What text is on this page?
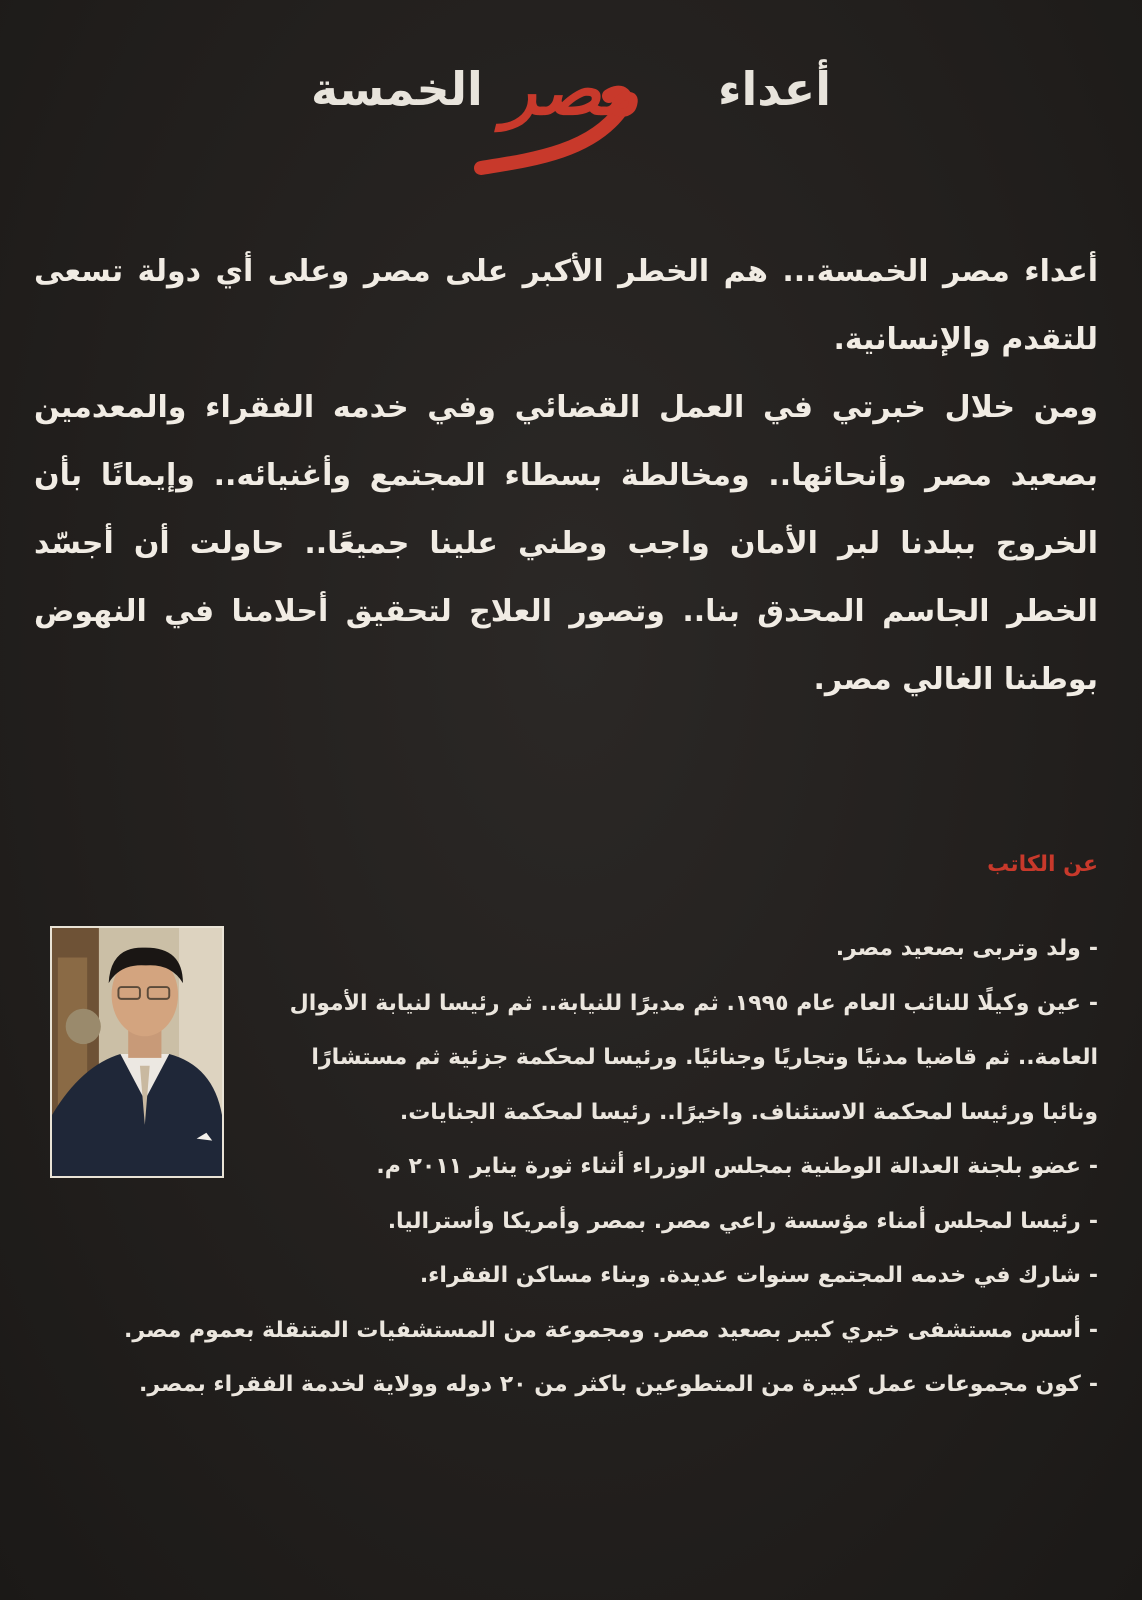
أعداء
مصر
الخمسة

أعداء مصر الخمسة... هم الخطر الأكبر على مصر وعلى أي دولة تسعى للتقدم والإنسانية.

ومن خلال خبرتي في العمل القضائي وفي خدمه الفقراء والمعدمين بصعيد مصر وأنحائها.. ومخالطة بسطاء المجتمع وأغنيائه.. وإيمانًا بأن الخروج ببلدنا لبر الأمان واجب وطني علينا جميعًا.. حاولت أن أجسّد الخطر الجاسم المحدق بنا.. وتصور العلاج لتحقيق أحلامنا في النهوض بوطننا الغالي مصر.

عن الكاتب
-ولد وتربى بصعيد مصر.
-عين وكيلًا للنائب العام عام ١٩٩٥. ثم مديرًا للنيابة.. ثم رئيسا لنيابة الأموال العامة.. ثم قاضيا مدنيًا وتجاريًا وجنائيًا. ورئيسا لمحكمة جزئية ثم مستشارًا ونائبا ورئيسا لمحكمة الاستئناف. واخيرًا.. رئيسا لمحكمة الجنايات.
-عضو بلجنة العدالة الوطنية بمجلس الوزراء أثناء ثورة يناير ٢٠١١ م.
-رئيسا لمجلس أمناء مؤسسة راعي مصر. بمصر وأمريكا وأستراليا.
-شارك في خدمه المجتمع سنوات عديدة. وبناء مساكن الفقراء.
-أسس مستشفى خيري كبير بصعيد مصر. ومجموعة من المستشفيات المتنقلة بعموم مصر.
-كون مجموعات عمل كبيرة من المتطوعين باكثر من ٢٠ دوله وولاية لخدمة الفقراء بمصر.
